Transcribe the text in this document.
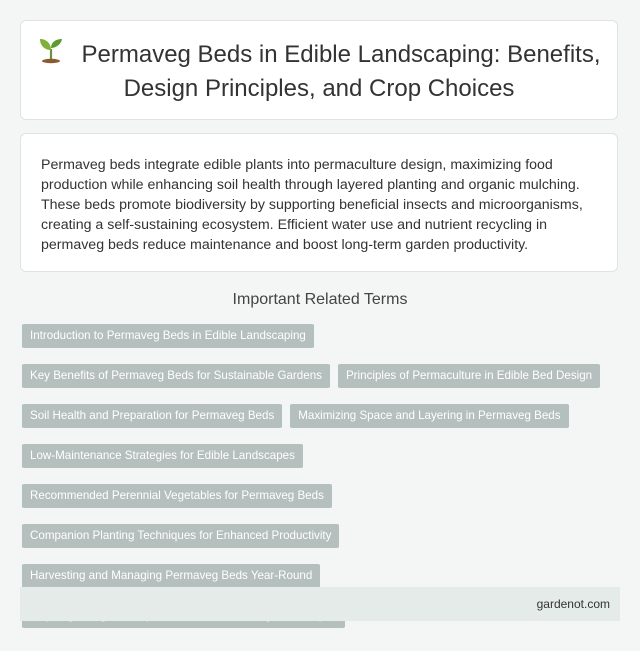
Permaveg Beds in Edible Landscaping: Benefits, Design Principles, and Crop Choices

Permaveg beds integrate edible plants into permaculture design, maximizing food production while enhancing soil health through layered planting and organic mulching. These beds promote biodiversity by supporting beneficial insects and microorganisms, creating a self-sustaining ecosystem. Efficient water use and nutrient recycling in permaveg beds reduce maintenance and boost long-term garden productivity.

Important Related Terms
Introduction to Permaveg Beds in Edible Landscaping
Key Benefits of Permaveg Beds for Sustainable Gardens	Principles of Permaculture in Edible Bed Design
Soil Health and Preparation for Permaveg Beds	Maximizing Space and Layering in Permaveg Beds
Low-Maintenance Strategies for Edible Landscapes
Recommended Perennial Vegetables for Permaveg Beds
Companion Planting Techniques for Enhanced Productivity
Harvesting and Managing Permaveg Beds Year-Round
gardenot.com
